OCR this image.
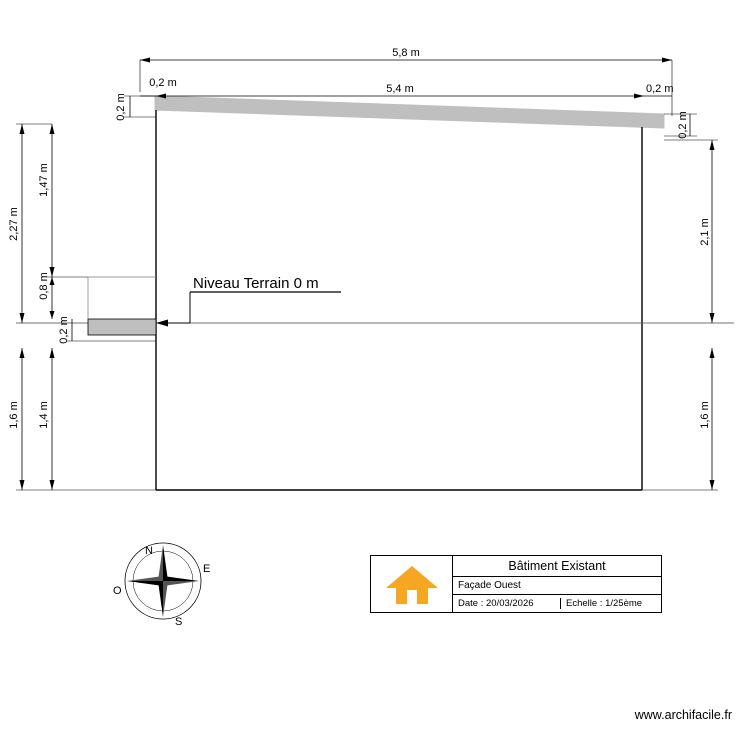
Niveau Terrain 0 m
5,8 m
5,4 m
0,2 m	0,2 m
0,2 m
0,2 m
2,27 m
1,47 m
0,8 m
0,2 m
1,6 m 1,4 m
2,1 m
1,6 m
N
E
S
O
Bâtiment Existant
Façade Ouest
Date : 20/03/2026	Echelle : 1/25ème
www.archifacile.fr
